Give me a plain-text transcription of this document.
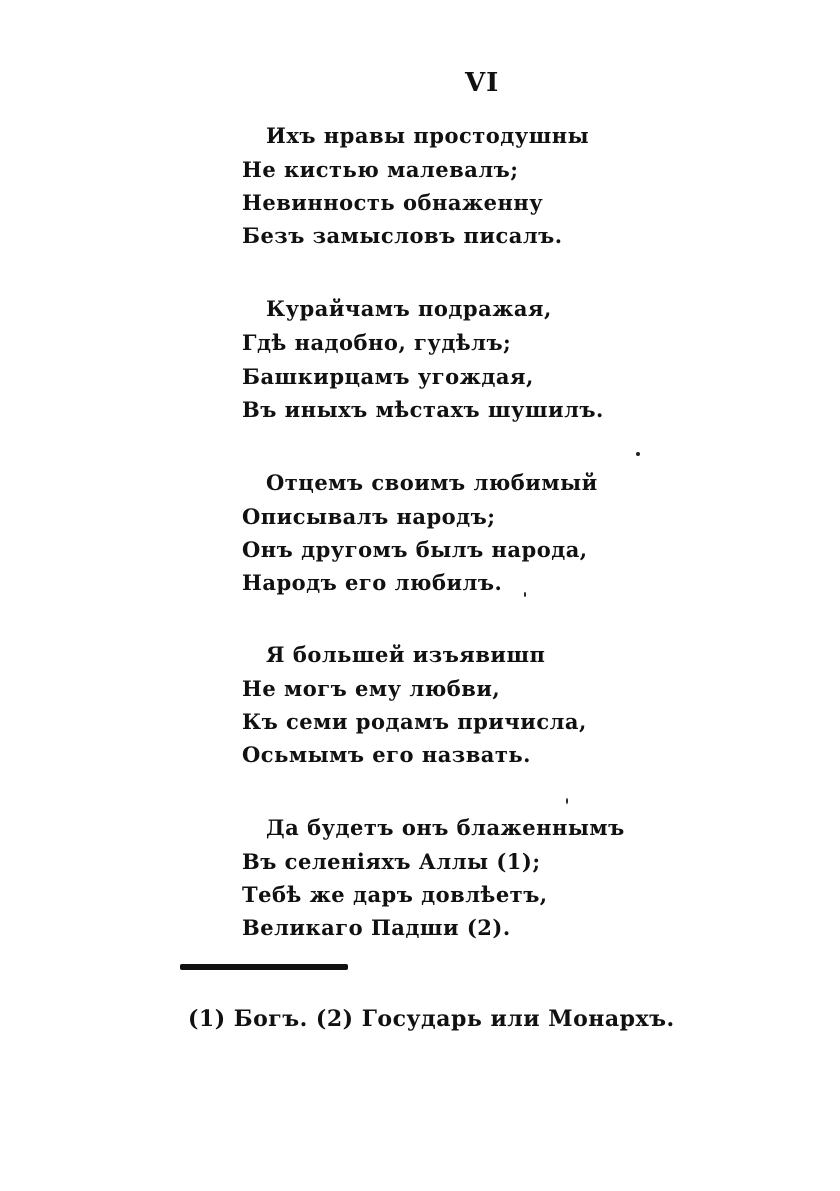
VI
Ихъ нравы простодушны
Не кистью малевалъ;
Невинность обнаженну
Безъ замысловъ писалъ.
Курайчамъ подражая,
Гдѣ надобно, гудѣлъ;
Башкирцамъ угождая,
Въ иныхъ мѣстахъ шушилъ.
Отцемъ своимъ любимый
Описывалъ народъ;
Онъ другомъ былъ народа,
Народъ его любилъ.
Я большей изъявишп
Не могъ ему любви,
Къ семи родамъ причисла,
Осьмымъ его назвать.
Да будетъ онъ блаженнымъ
Въ селеніяхъ Аллы (1);
Тебѣ же даръ довлѣетъ,
Великаго Падши (2).
(1) Богъ. (2) Государь или Монархъ.
